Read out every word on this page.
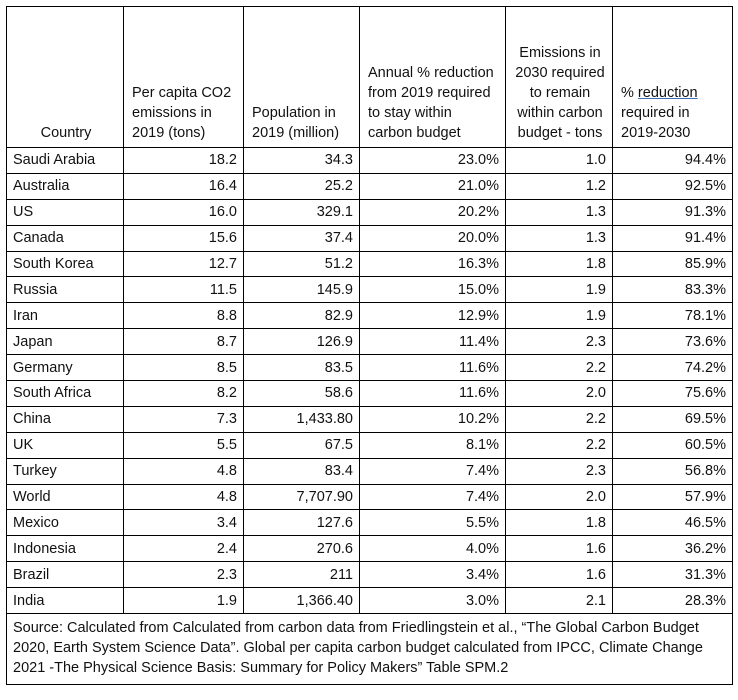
Country	Per capita CO2 emissions in 2019 (tons)	Population in 2019 (million)	Annual % reduction from 2019 required to stay within carbon budget	Emissions in 2030 required to remain within carbon budget - tons	% reduction required in 2019-2030
Saudi Arabia	18.2	34.3	23.0%	1.0	94.4%
Australia	16.4	25.2	21.0%	1.2	92.5%
US	16.0	329.1	20.2%	1.3	91.3%
Canada	15.6	37.4	20.0%	1.3	91.4%
South Korea	12.7	51.2	16.3%	1.8	85.9%
Russia	11.5	145.9	15.0%	1.9	83.3%
Iran	8.8	82.9	12.9%	1.9	78.1%
Japan	8.7	126.9	11.4%	2.3	73.6%
Germany	8.5	83.5	11.6%	2.2	74.2%
South Africa	8.2	58.6	11.6%	2.0	75.6%
China	7.3	1,433.80	10.2%	2.2	69.5%
UK	5.5	67.5	8.1%	2.2	60.5%
Turkey	4.8	83.4	7.4%	2.3	56.8%
World	4.8	7,707.90	7.4%	2.0	57.9%
Mexico	3.4	127.6	5.5%	1.8	46.5%
Indonesia	2.4	270.6	4.0%	1.6	36.2%
Brazil	2.3	211	3.4%	1.6	31.3%
India	1.9	1,366.40	3.0%	2.1	28.3%
Source: Calculated from Calculated from carbon data from Friedlingstein et al., “The Global Carbon Budget 2020, Earth System Science Data”. Global per capita carbon budget calculated from IPCC, Climate Change 2021 -The Physical Science Basis: Summary for Policy Makers” Table SPM.2					
